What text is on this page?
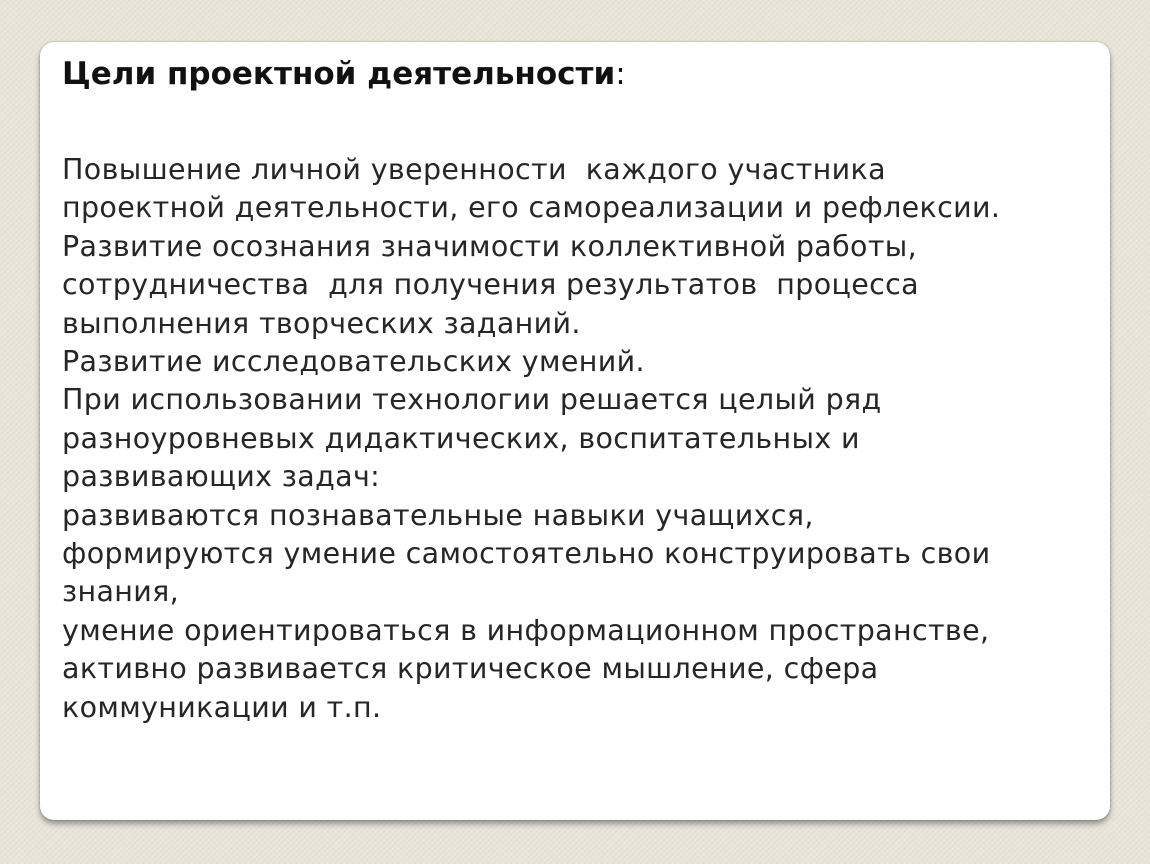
Цели проектной деятельности:
Повышение личной уверенности  каждого участника
проектной деятельности, его самореализации и рефлексии.
Развитие осознания значимости коллективной работы,
сотрудничества  для получения результатов  процесса
выполнения творческих заданий.
Развитие исследовательских умений.
При использовании технологии решается целый ряд
разноуровневых дидактических, воспитательных и
развивающих задач:
развиваются познавательные навыки учащихся,
формируются умение самостоятельно конструировать свои
знания,
умение ориентироваться в информационном пространстве,
активно развивается критическое мышление, сфера
коммуникации и т.п.
